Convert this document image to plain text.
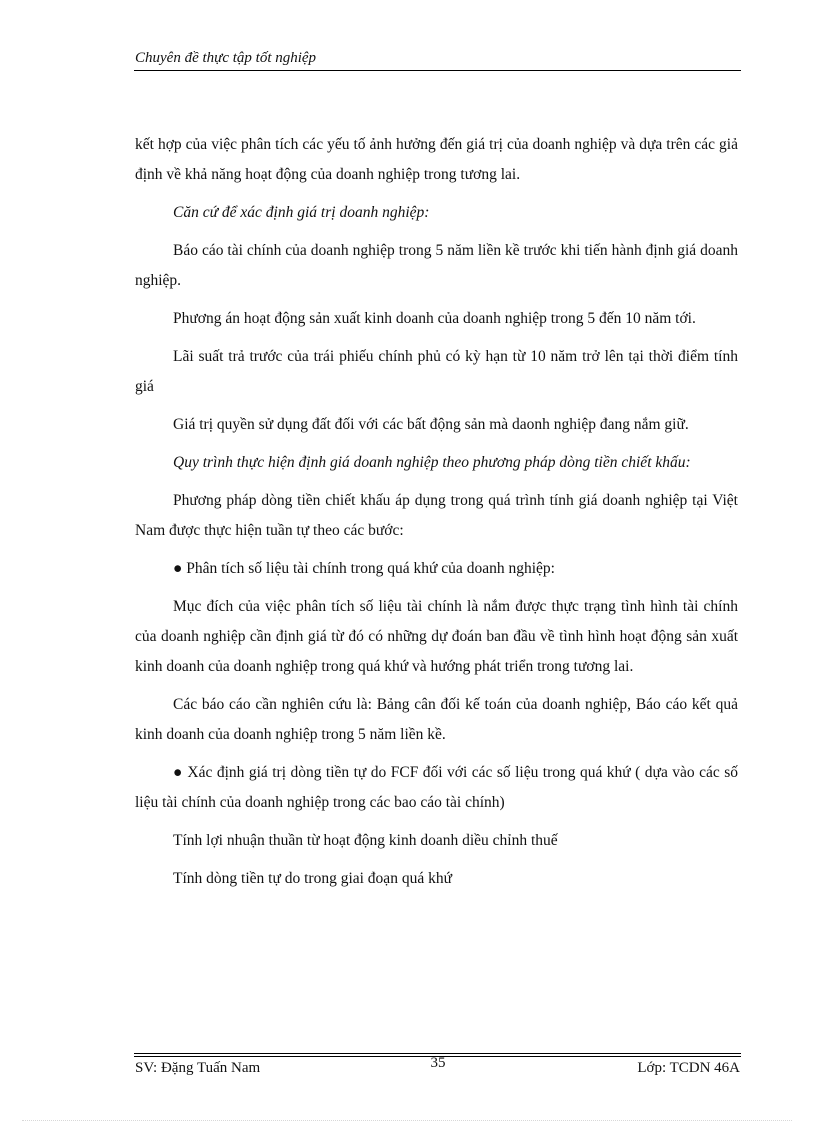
Chuyên đề thực tập tốt nghiệp

kết hợp của việc phân tích các yếu tố ảnh hưởng đến giá trị của doanh nghiệp và dựa trên các giả định về khả năng hoạt động của doanh nghiệp trong tương lai.

Căn cứ để xác định giá trị doanh nghiệp:

Báo cáo tài chính của doanh nghiệp trong 5 năm liền kề trước khi tiến hành định giá doanh nghiệp.

Phương án hoạt động sản xuất kinh doanh của doanh nghiệp trong 5 đến 10 năm tới.

Lãi suất trả trước của trái phiếu chính phủ có kỳ hạn từ 10 năm trở lên tại thời điểm tính giá

Giá trị quyền sử dụng đất đối với các bất động sản mà daonh nghiệp đang nắm giữ.

Quy trình thực hiện định giá doanh nghiệp theo phương pháp dòng tiền chiết khấu:

Phương pháp dòng tiền chiết khấu áp dụng trong quá trình tính giá doanh nghiệp tại Việt Nam được thực hiện tuần tự theo các bước:

● Phân tích số liệu tài chính trong quá khứ của doanh nghiệp:

Mục đích của việc phân tích số liệu tài chính là nắm được thực trạng tình hình tài chính của doanh nghiệp cần định giá từ đó có những dự đoán ban đầu về tình hình hoạt động sản xuất kinh doanh của doanh nghiệp trong quá khứ và hướng phát triển trong tương lai.

Các báo cáo cần nghiên cứu là: Bảng cân đối kế toán của doanh nghiệp, Báo cáo kết quả kinh doanh của doanh nghiệp trong 5 năm liền kề.

● Xác định giá trị dòng tiền tự do FCF đối với các số liệu trong quá khứ ( dựa vào các số liệu tài chính của doanh nghiệp trong các bao cáo tài chính)

Tính lợi nhuận thuần từ hoạt động kinh doanh diều chỉnh thuế

Tính dòng tiền tự do trong giai đoạn quá khứ

SV: Đặng Tuấn Nam	35	Lớp: TCDN 46A
